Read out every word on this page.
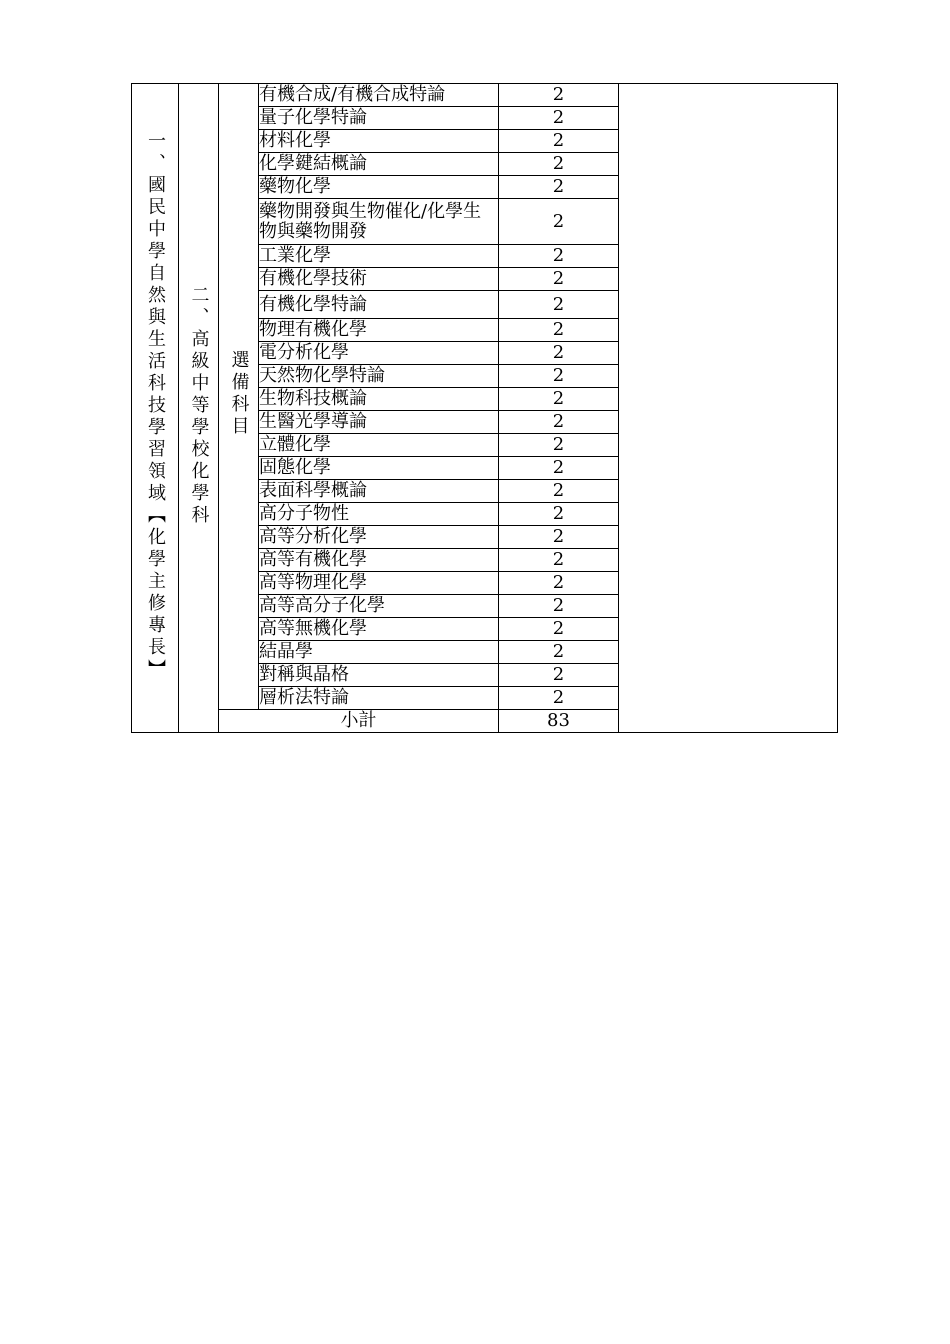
一、國民中學自然與生活科技學習領域【化學主修專長】	二、高級中等學校化學科	選備科目	有機合成/有機合成特論	2	
			量子化學特論	2	
			材料化學	2	
			化學鍵結概論	2	
			藥物化學	2	
			藥物開發與生物催化/化學生物與藥物開發	2	
			工業化學	2	
			有機化學技術	2	
			有機化學特論	2	
			物理有機化學	2	
			電分析化學	2	
			天然物化學特論	2	
			生物科技概論	2	
			生醫光學導論	2	
			立體化學	2	
			固態化學	2	
			表面科學概論	2	
			高分子物性	2	
			高等分析化學	2	
			高等有機化學	2	
			高等物理化學	2	
			高等高分子化學	2	
			高等無機化學	2	
			結晶學	2	
			對稱與晶格	2	
			層析法特論	2	
		小計		83	
